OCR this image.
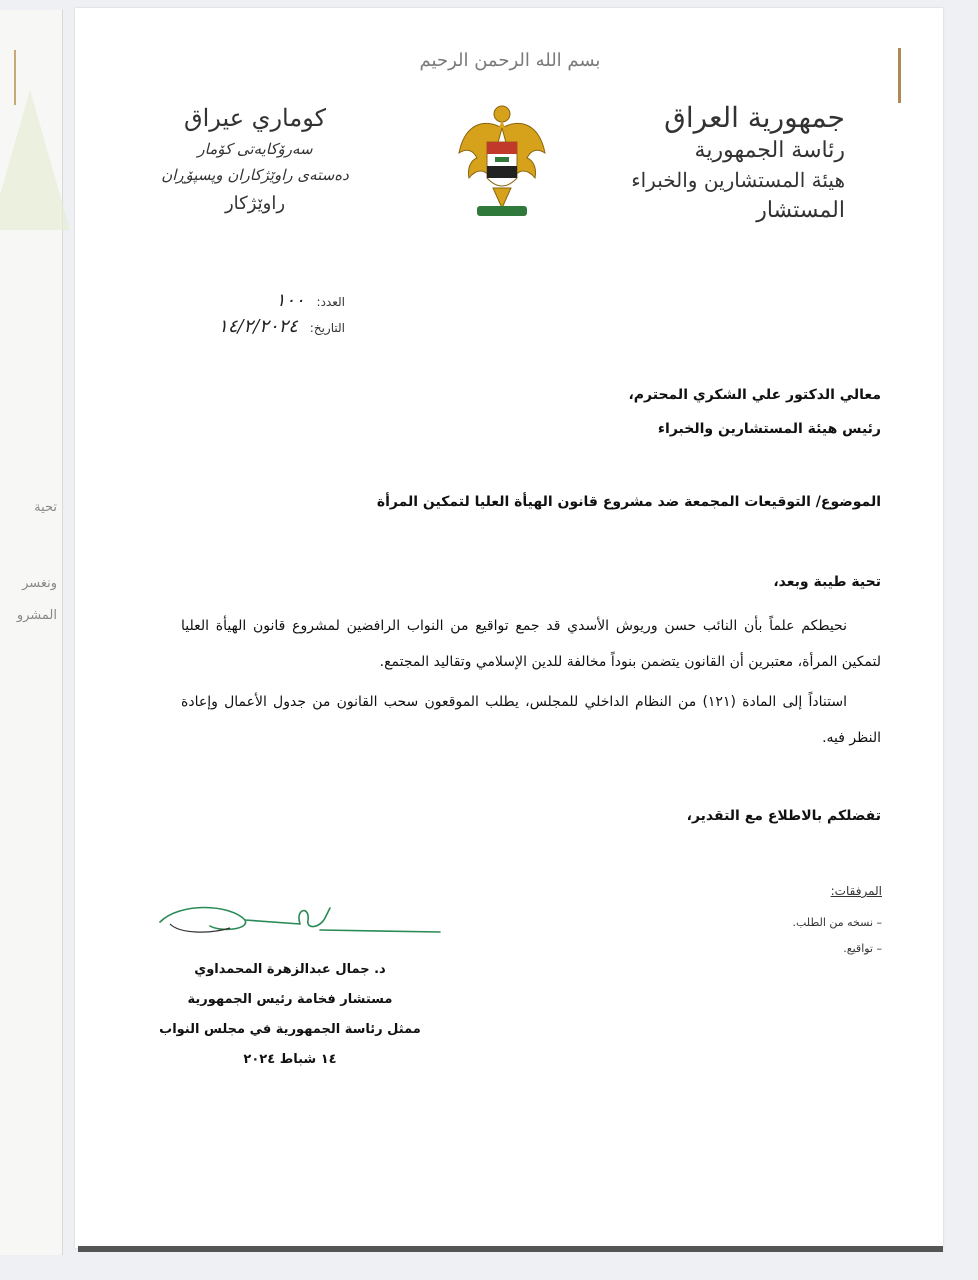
تحية
ونغسر
المشرو
بسم الله الرحمن الرحيم
جمهورية العراق
رئاسة الجمهورية
هيئة المستشارين والخبراء
المستشار
كوماري عيراق
سەرۆكايەتى كۆمار
دەستەى راوێژكاران وپسپۆڕان
راوێژكار
العدد: ١٠٠
التاريخ: ١٤/٢/٢٠٢٤
معالي الدكتور علي الشكري المحترم،
رئيس هيئة المستشارين والخبراء
الموضوع/ التوقيعات المجمعة ضد مشروع قانون الهيأة العليا لتمكين المرأة
تحية طيبة وبعد،
نحيطكم علماً بأن النائب حسن وريوش الأسدي قد جمع تواقيع من النواب الرافضين لمشروع قانون الهيأة العليا لتمكين المرأة، معتبرين أن القانون يتضمن بنوداً مخالفة للدين الإسلامي وتقاليد المجتمع.
استناداً إلى المادة (١٢١) من النظام الداخلي للمجلس، يطلب الموقعون سحب القانون من جدول الأعمال وإعادة النظر فيه.
تفضلكم بالاطلاع مع التقدير،
المرفقات:
– نسخه من الطلب.
– تواقيع.
د. جمال عبدالزهرة المحمداوي
مستشار فخامة رئيس الجمهورية
ممثل رئاسة الجمهورية في مجلس النواب
١٤ شباط ٢٠٢٤
